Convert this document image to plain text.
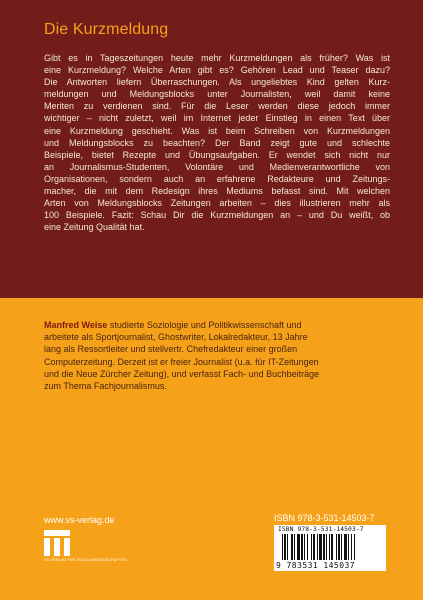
Die Kurzmeldung

Gibt es in Tageszeitungen heute mehr Kurzmeldungen als früher? Was ist
eine Kurzmeldung? Welche Arten gibt es? Gehören Lead und Teaser dazu?
Die Antworten liefern Überraschungen. Als ungeliebtes Kind gelten Kurz-
meldungen und Meldungsblocks unter Journalisten, weil damit keine
Meriten zu verdienen sind. Für die Leser werden diese jedoch immer
wichtiger – nicht zuletzt, weil im Internet jeder Einstieg in einen Text über
eine Kurzmeldung geschieht. Was ist beim Schreiben von Kurzmeldungen
und Meldungsblocks zu beachten? Der Band zeigt gute und schlechte
Beispiele, bietet Rezepte und Übungsaufgaben. Er wendet sich nicht nur
an Journalismus-Studenten, Volontäre und Medienverantwortliche von
Organisationen, sondern auch an erfahrene Redakteure und Zeitungs-
macher, die mit dem Redesign ihres Mediums befasst sind. Mit welchen
Arten von Meldungsblocks Zeitungen arbeiten – dies illustrieren mehr als
100 Beispiele. Fazit: Schau Dir die Kurzmeldungen an – und Du weißt, ob
eine Zeitung Qualität hat.

Manfred Weise studierte Soziologie und Politikwissenschaft und
arbeitete als Sportjournalist, Ghostwriter, Lokalredakteur, 13 Jahre
lang als Ressortleiter und stellvertr. Chefredakteur einer großen
Computerzeitung. Derzeit ist er freier Journalist (u.a. für IT-Zeitungen
und die Neue Zürcher Zeitung), und verfasst Fach- und Buchbeiträge
zum Thema Fachjournalismus.

www.vs-verlag.de
VS VERLAG FÜR SOZIALWISSENSCHAFTEN
ISBN 978-3-531-14503-7
ISBN 978-3-531-14503-7
9 783531 145037
